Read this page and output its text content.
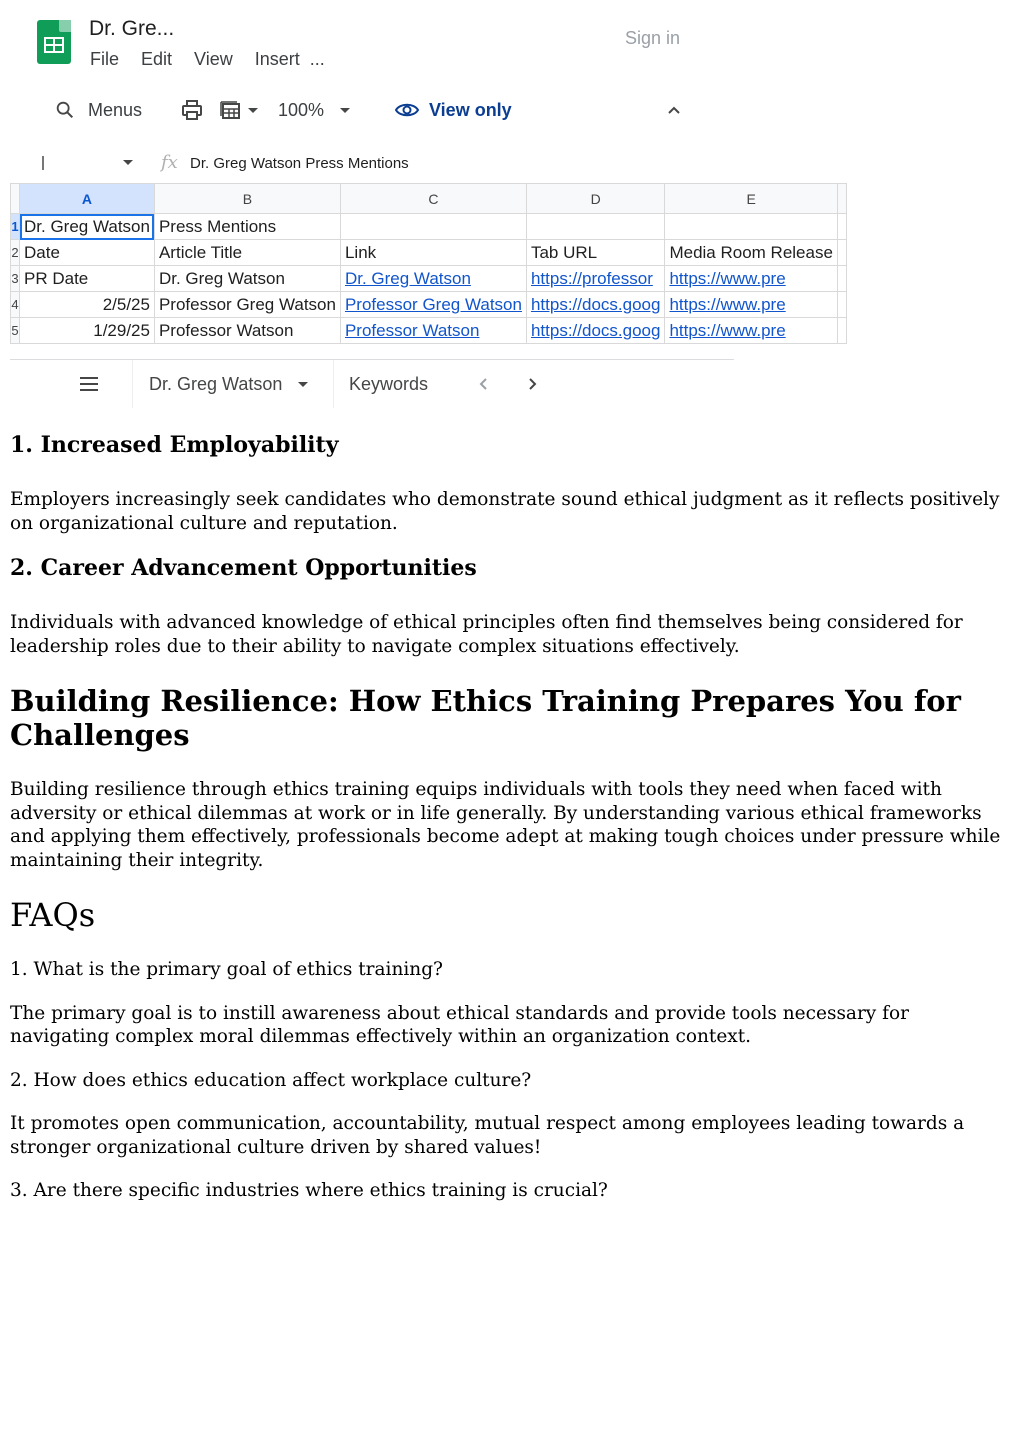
Dr. Gre...
File Edit View Insert ...
Sign in
Menus	100%	View only
fx Dr. Greg Watson Press Mentions
	A	B	C	D	E	
1	Dr. Greg Watson	Press Mentions				
2	Date	Article Title	Link	Tab URL	Media Room Release	
3	PR Date	Dr. Greg Watson	Dr. Greg Watson	https://professor	https://www.pre	
4	2/5/25	Professor Greg Watson	Professor Greg Watson	https://docs.goog	https://www.pre	
5	1/29/25	Professor Watson	Professor Watson	https://docs.goog	https://www.pre	
Dr. Greg Watson	Keywords
1. Increased Employability

Employers increasingly seek candidates who demonstrate sound ethical judgment as it reflects positively on organizational culture and reputation.

2. Career Advancement Opportunities

Individuals with advanced knowledge of ethical principles often find themselves being considered for leadership roles due to their ability to navigate complex situations effectively.

Building Resilience: How Ethics Training Prepares You for Challenges

Building resilience through ethics training equips individuals with tools they need when faced with adversity or ethical dilemmas at work or in life generally. By understanding various ethical frameworks and applying them effectively, professionals become adept at making tough choices under pressure while maintaining their integrity.

FAQs

1. What is the primary goal of ethics training?

The primary goal is to instill awareness about ethical standards and provide tools necessary for navigating complex moral dilemmas effectively within an organization context.

2. How does ethics education affect workplace culture?

It promotes open communication, accountability, mutual respect among employees leading towards a stronger organizational culture driven by shared values!

3. Are there specific industries where ethics training is crucial?
